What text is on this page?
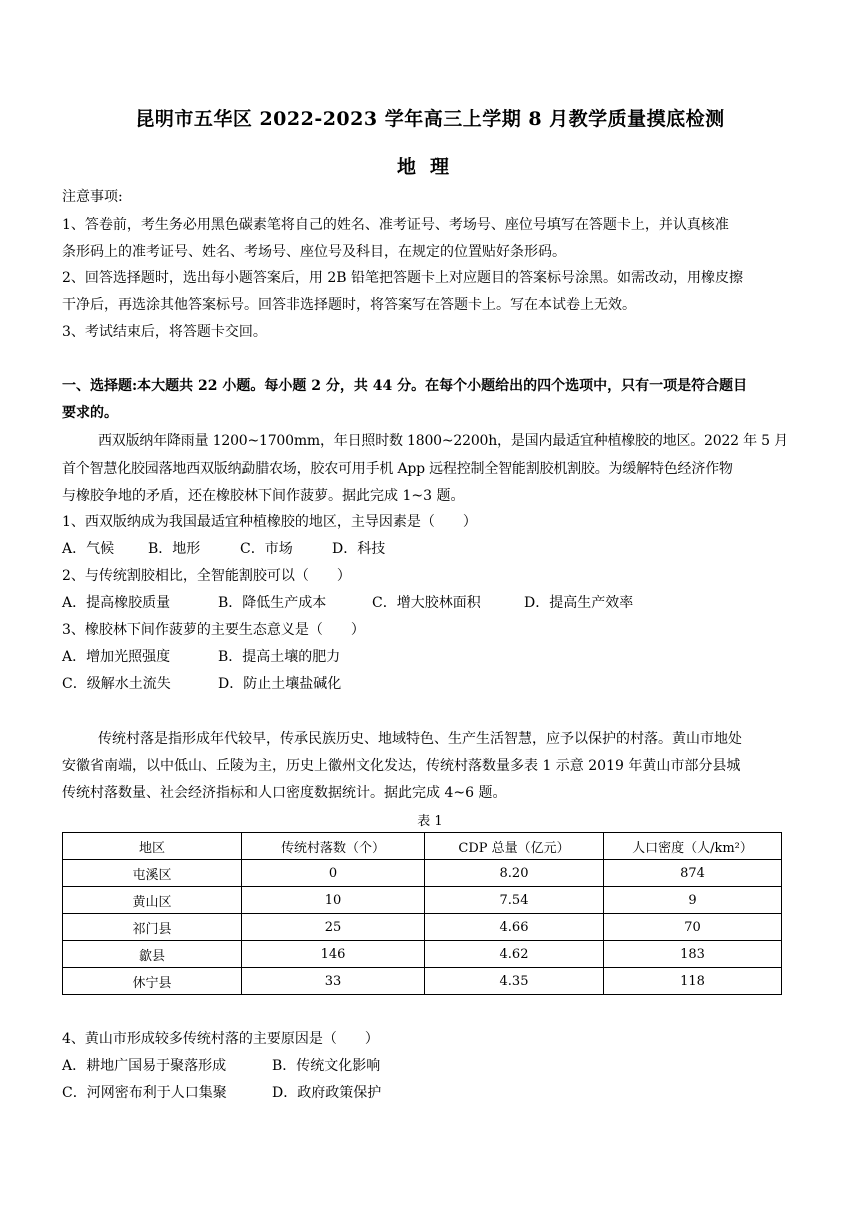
昆明市五华区 2022-2023 学年高三上学期 8 月教学质量摸底检测
地理
注意事项:
1、答卷前，考生务必用黑色碳素笔将自己的姓名、准考证号、考场号、座位号填写在答题卡上，并认真核准
条形码上的准考证号、姓名、考场号、座位号及科目，在规定的位置贴好条形码。
2、回答选择题时，选出每小题答案后，用 2B 铅笔把答题卡上对应题目的答案标号涂黑。如需改动，用橡皮擦
干净后，再选涂其他答案标号。回答非选择题时，将答案写在答题卡上。写在本试卷上无效。
3、考试结束后，将答题卡交回。
一、选择题:本大题共 22 小题。每小题 2 分，共 44 分。在每个小题给出的四个选项中，只有一项是符合题目
要求的。
西双版纳年降雨量 1200~1700mm，年日照时数 1800~2200h，是国内最适宜种植橡胶的地区。2022 年 5 月
首个智慧化胶园落地西双版纳勐腊农场，胶农可用手机 App 远程控制全智能割胶机割胶。为缓解特色经济作物
与橡胶争地的矛盾，还在橡胶林下间作菠萝。据此完成 1~3 题。
1、西双版纳成为我国最适宜种植橡胶的地区，主导因素是（　　）
A．气候 B．地形	C．市场	D．科技
2、与传统割胶相比，全智能割胶可以（　　）
A．提高橡胶质量	B．降低生产成本	C．增大胶林面积	D．提高生产效率
3、橡胶林下间作菠萝的主要生态意义是（　　）
A．增加光照强度	B．提高土壤的肥力
C．级解水土流失	D．防止土壤盐碱化
传统村落是指形成年代较早，传承民族历史、地域特色、生产生活智慧，应予以保护的村落。黄山市地处
安徽省南端，以中低山、丘陵为主，历史上徽州文化发达，传统村落数量多表 1 示意 2019 年黄山市部分县城
传统村落数量、社会经济指标和人口密度数据统计。据此完成 4~6 题。
表 1
地区	传统村落数（个）	CDP 总量（亿元）	人口密度（人/km²）
屯溪区	0	8.20	874
黄山区	10	7.54	9
祁门县	25	4.66	70
歙县	146	4.62	183
休宁县	33	4.35	118
4、黄山市形成较多传统村落的主要原因是（　　）
A．耕地广国易于聚落形成	B．传统文化影响
C．河网密布利于人口集聚	D．政府政策保护
